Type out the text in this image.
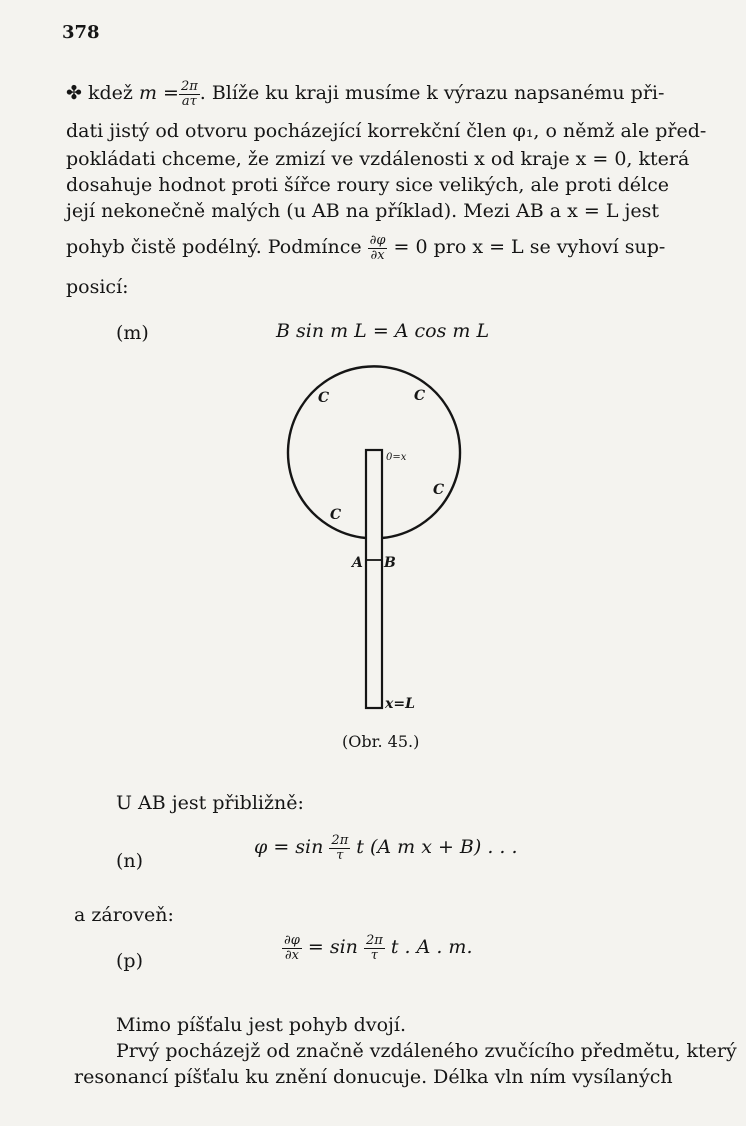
378
✤ kdež $m = \frac{2\pi}{a\tau}$ . Blíže ku kraji musíme k výrazu napsanému při-
dati jistý od otvoru pocházející korrekční člen φ₁, o němž ale před-
pokládati chceme, že zmizí ve vzdálenosti x od kraje x = 0, která
dosahuje hodnot proti šířce roury sice velikých, ale proti délce
její nekonečně malých (u AB na příklad). Mezi AB a x = L jest
pohyb čistě podélný. Podmínce $\frac{\partial\varphi}{\partial x} = 0$ pro x = L se vyhoví sup-
posicí:
(m)	B sin m L = A cos m L
C	C
C
C
0=x
A B
x=L
(Obr. 45.)
U AB jest přibližně:
(n)
$\varphi = \sin \frac{2\pi}{\tau}$ t (A m x + B) . . .
a zároveň:
(p)	$\frac{\partial\varphi}{\partial x} = \sin \frac{2\pi}{\tau}$ t . A . m.
Mimo píšťalu jest pohyb dvojí.
Prvý pocházejž od značně vzdáleného zvučícího předmětu, který
resonancí píšťalu ku znění donucuje. Délka vln ním vysílaných
